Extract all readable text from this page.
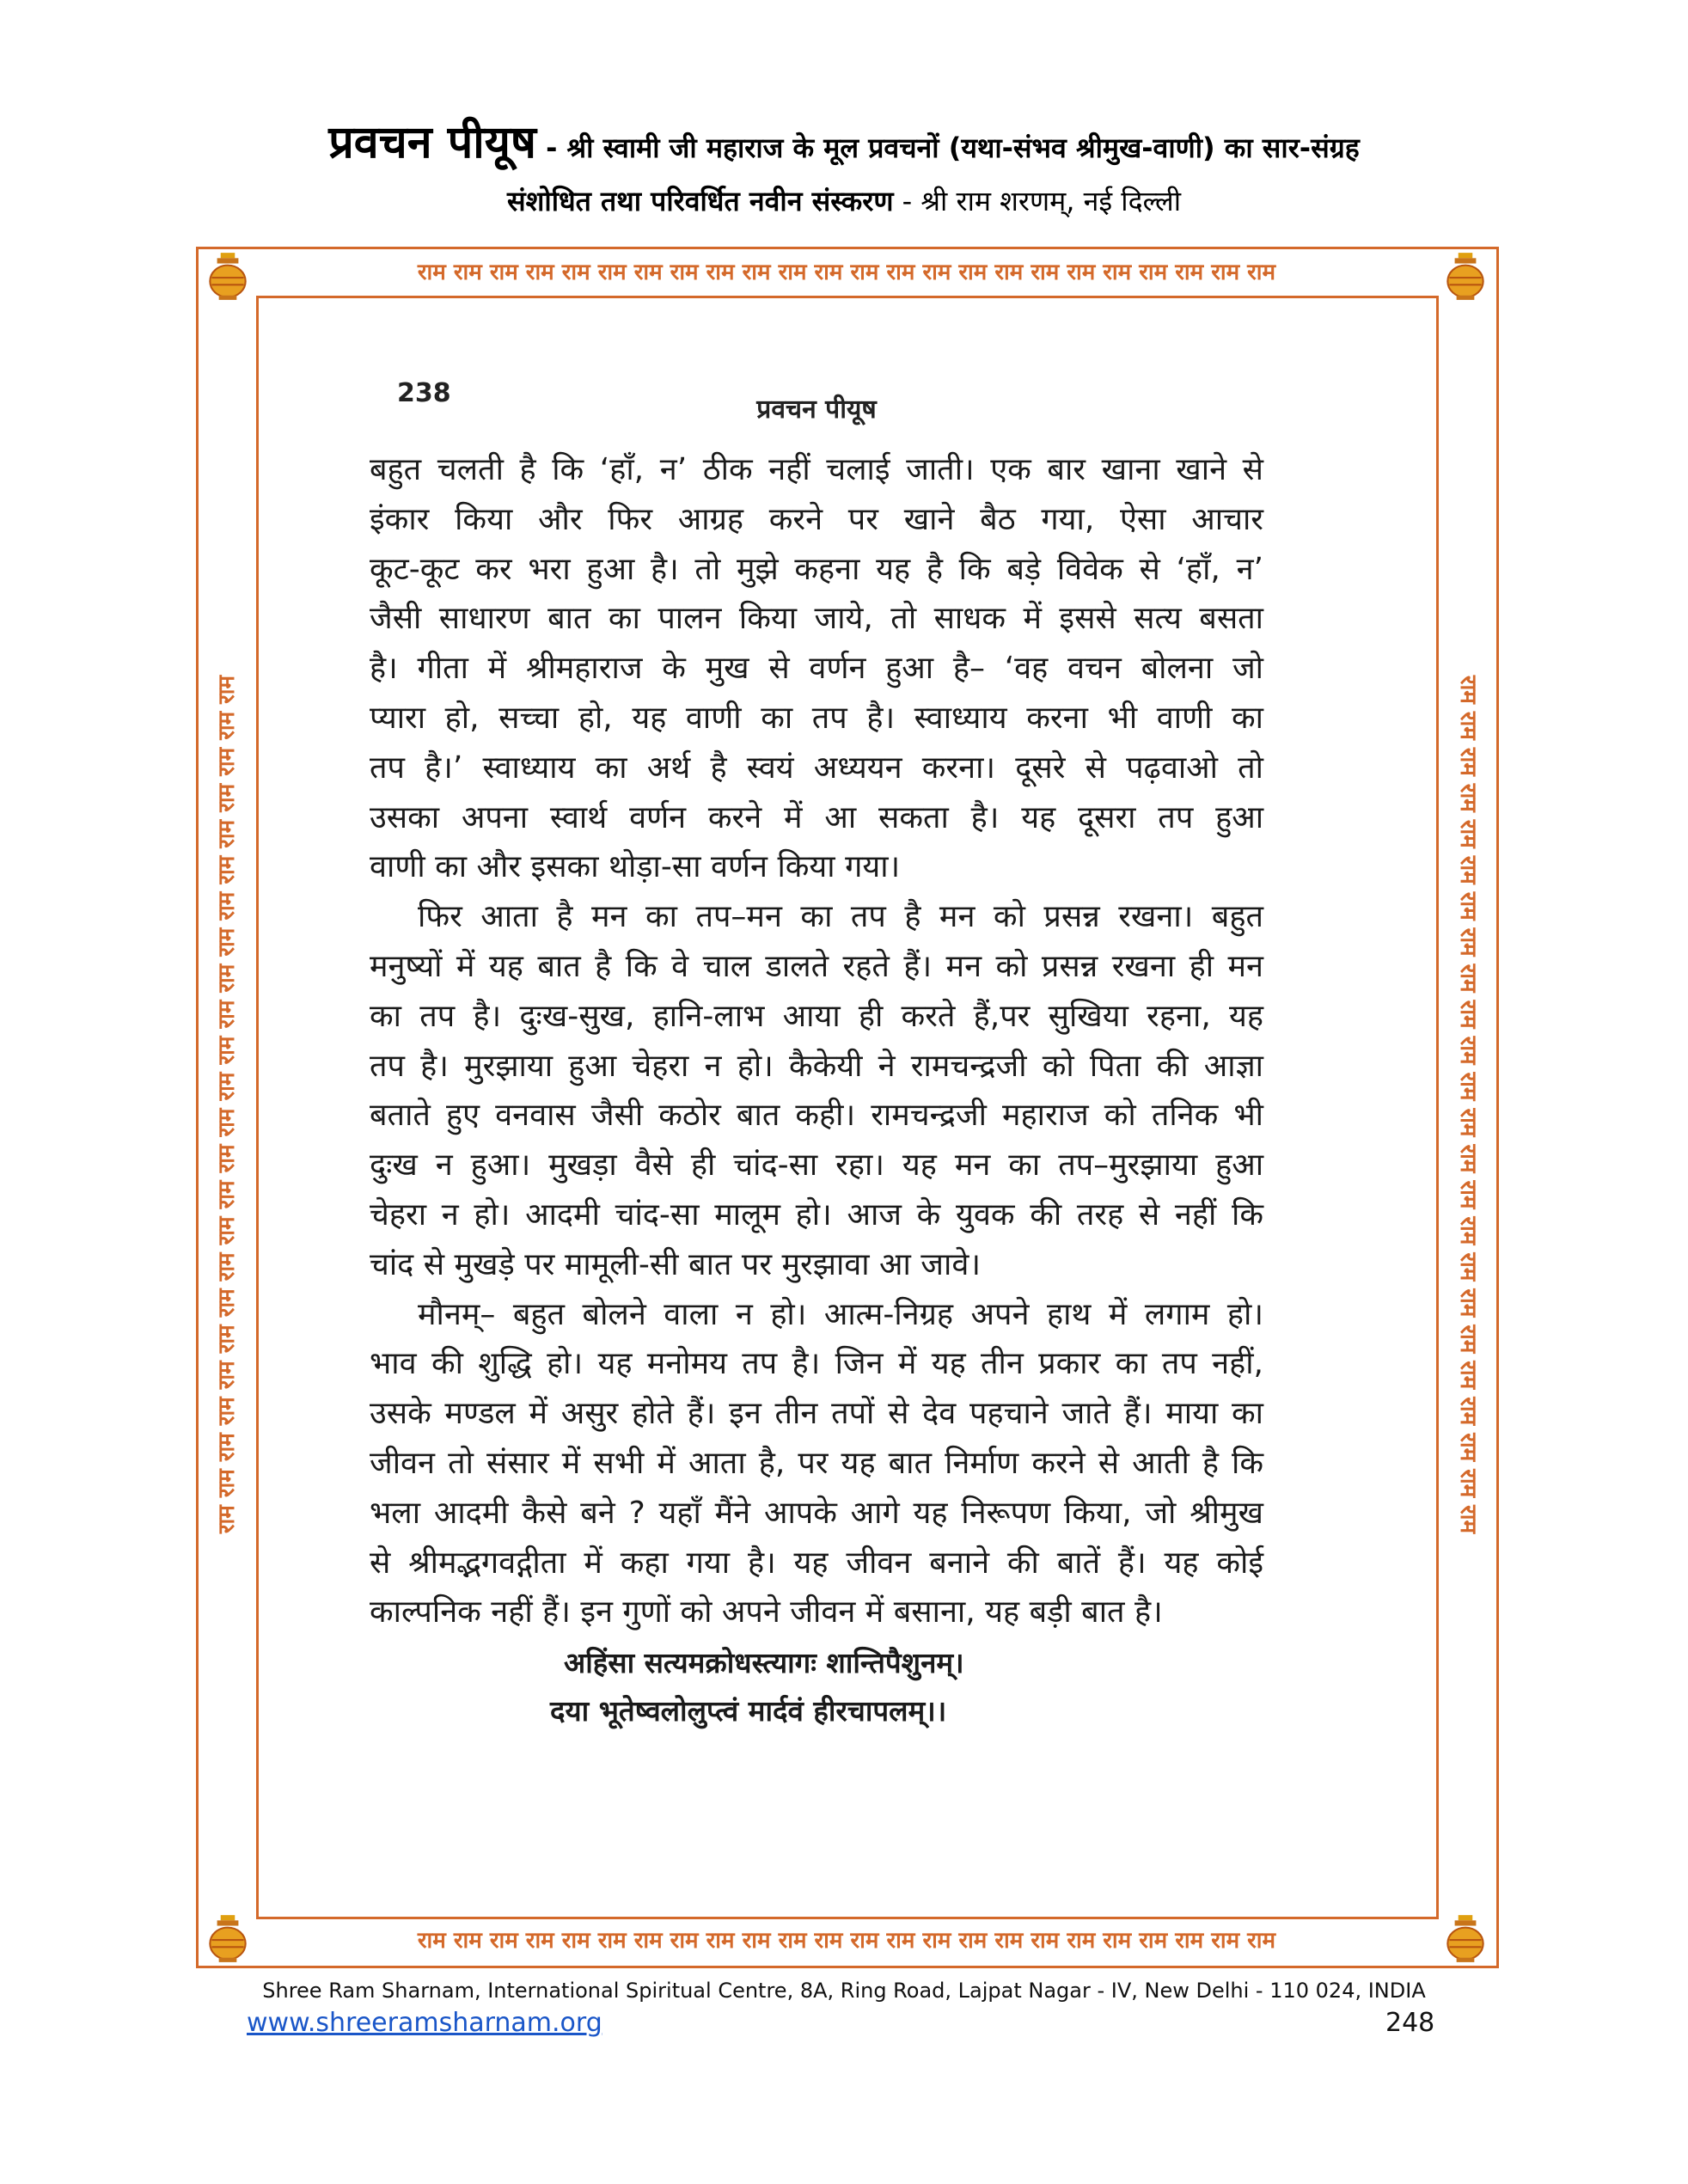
प्रवचन पीयूष - श्री स्वामी जी महाराज के मूल प्रवचनों (यथा-संभव श्रीमुख-वाणी) का सार-संग्रह
संशोधित तथा परिवर्धित नवीन संस्करण - श्री राम शरणम्, नई दिल्ली
राम राम राम राम राम राम राम राम राम राम राम राम राम राम राम राम राम राम राम राम राम राम राम राम
राम राम राम राम राम राम राम राम राम राम राम राम राम राम राम राम राम राम राम राम राम राम राम राम
राम राम राम राम राम राम राम राम राम राम राम राम राम राम राम राम राम राम राम राम राम राम राम राम	राम राम राम राम राम राम राम राम राम राम राम राम राम राम राम राम राम राम राम राम राम राम राम राम
238
प्रवचन पीयूष
बहुत चलती है कि ‘हाँ, न’ ठीक नहीं चलाई जाती। एक बार खाना खाने से
इंकार किया और फिर आग्रह करने पर खाने बैठ गया, ऐसा आचार
कूट-कूट कर भरा हुआ है। तो मुझे कहना यह है कि बड़े विवेक से ‘हाँ, न’
जैसी साधारण बात का पालन किया जाये, तो साधक में इससे सत्य बसता
है। गीता में श्रीमहाराज के मुख से वर्णन हुआ है– ‘वह वचन बोलना जो
प्यारा हो, सच्चा हो, यह वाणी का तप है। स्वाध्याय करना भी वाणी का
तप है।’ स्वाध्याय का अर्थ है स्वयं अध्ययन करना। दूसरे से पढ़वाओ तो
उसका अपना स्वार्थ वर्णन करने में आ सकता है। यह दूसरा तप हुआ
वाणी का और इसका थोड़ा-सा वर्णन किया गया।
फिर आता है मन का तप–मन का तप है मन को प्रसन्न रखना। बहुत
मनुष्यों में यह बात है कि वे चाल डालते रहते हैं। मन को प्रसन्न रखना ही मन
का तप है। दुःख-सुख, हानि-लाभ आया ही करते हैं,पर सुखिया रहना, यह
तप है। मुरझाया हुआ चेहरा न हो। कैकेयी ने रामचन्द्रजी को पिता की आज्ञा
बताते हुए वनवास जैसी कठोर बात कही। रामचन्द्रजी महाराज को तनिक भी
दुःख न हुआ। मुखड़ा वैसे ही चांद-सा रहा। यह मन का तप–मुरझाया हुआ
चेहरा न हो। आदमी चांद-सा मालूम हो। आज के युवक की तरह से नहीं कि
चांद से मुखड़े पर मामूली-सी बात पर मुरझावा आ जावे।
मौनम्– बहुत बोलने वाला न हो। आत्म-निग्रह अपने हाथ में लगाम हो।
भाव की शुद्धि हो। यह मनोमय तप है। जिन में यह तीन प्रकार का तप नहीं,
उसके मण्डल में असुर होते हैं। इन तीन तपों से देव पहचाने जाते हैं। माया का
जीवन तो संसार में सभी में आता है, पर यह बात निर्माण करने से आती है कि
भला आदमी कैसे बने ? यहाँ मैंने आपके आगे यह निरूपण किया, जो श्रीमुख
से श्रीमद्भगवद्गीता में कहा गया है। यह जीवन बनाने की बातें हैं। यह कोई
काल्पनिक नहीं हैं। इन गुणों को अपने जीवन में बसाना, यह बड़ी बात है।
अहिंसा सत्यमक्रोधस्त्यागः शान्तिपैशुनम्।
दया भूतेष्वलोलुप्त्वं मार्दवं हीरचापलम्।।
Shree Ram Sharnam, International Spiritual Centre, 8A, Ring Road, Lajpat Nagar - IV, New Delhi - 110 024, INDIA
www.shreeramsharnam.org	248
